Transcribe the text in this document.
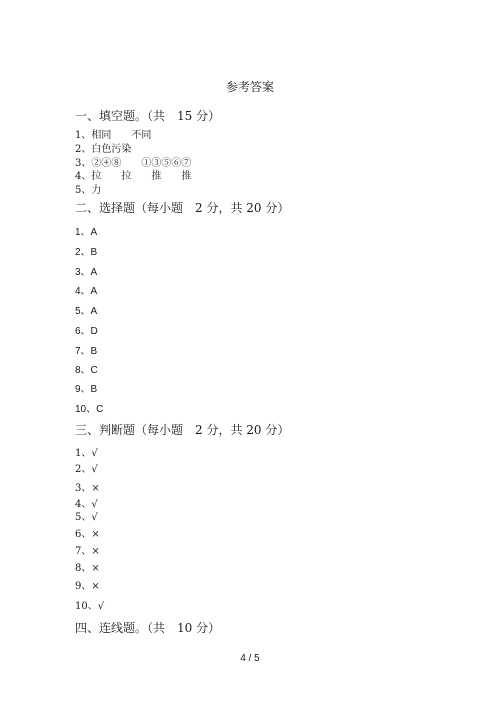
参考答案
一、填空题。（共　15 分）
1、相同　　不同
2、白色污染
3、②④⑧　　①③⑤⑥⑦
4、拉　　拉　　推　　推
5、力
二、选择题（每小题　2 分，共 20 分）
1、A
2、B
3、A
4、A
5、A
6、D
7、B
8、C
9、B
10、C
三、判断题（每小题　2 分，共 20 分）
1、√
2、√
3、×
4、√
5、√
6、×
7、×
8、×
9、×
10、√
四、连线题。（共　10 分）
4 / 5
